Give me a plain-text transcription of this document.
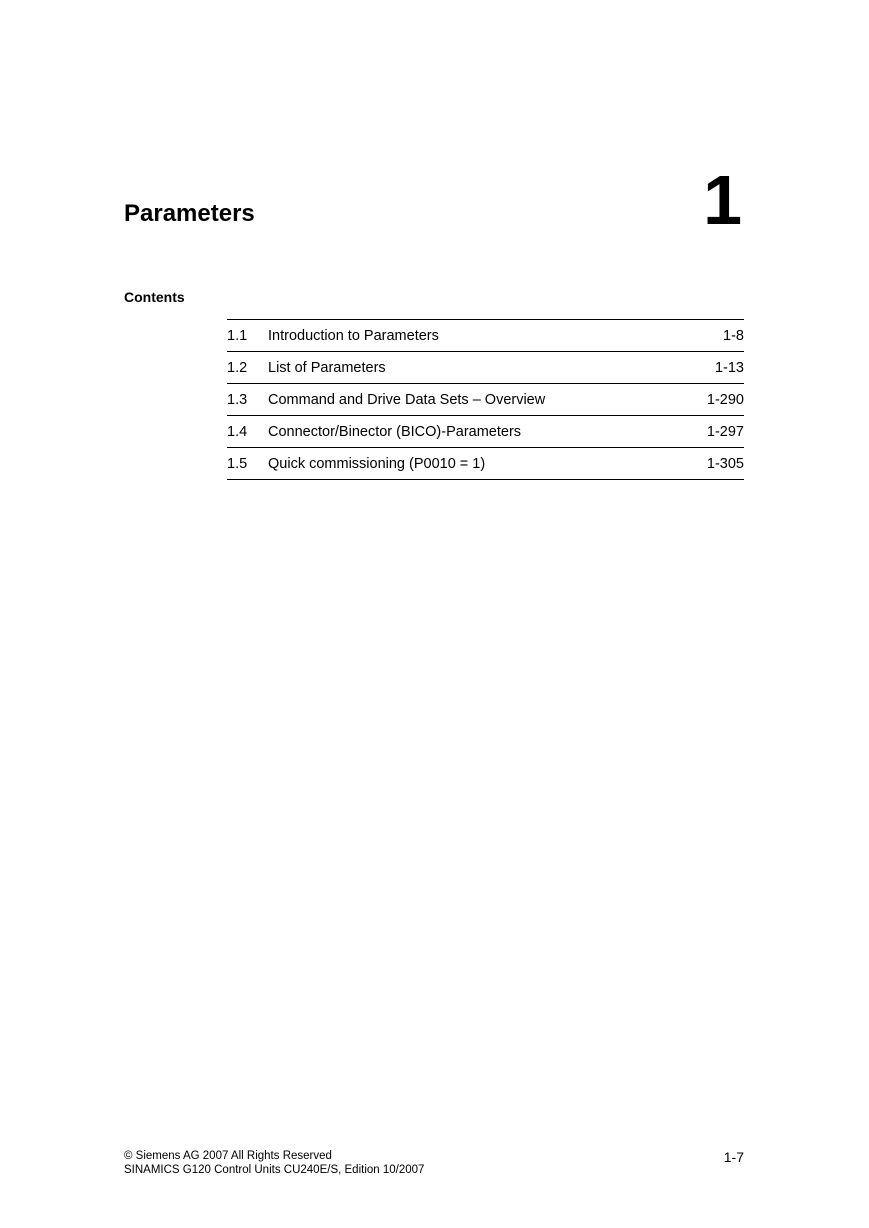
Parameters	1
Contents
1.1	Introduction to Parameters	1-8
1.2	List of Parameters	1-13
1.3	Command and Drive Data Sets – Overview	1-290
1.4	Connector/Binector (BICO)-Parameters	1-297
1.5	Quick commissioning (P0010 = 1)	1-305
© Siemens AG 2007 All Rights Reserved
SINAMICS G120 Control Units CU240E/S, Edition 10/2007
1-7
